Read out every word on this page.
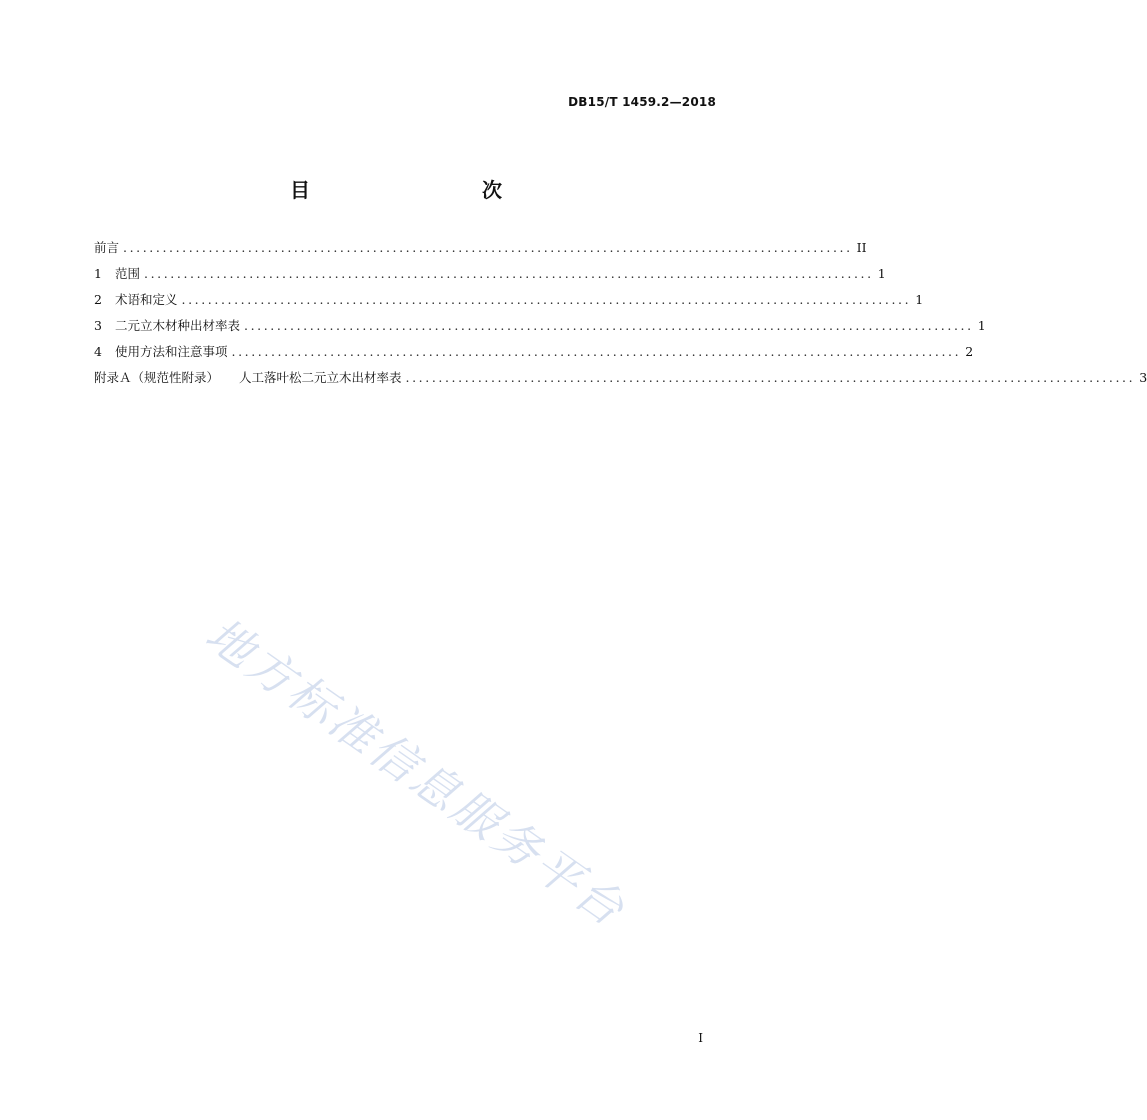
DB15/T 1459.2—2018
目　　次
前言 ............................................................................................................... II
1	范围 ............................................................................................................... 1
2	术语和定义 ............................................................................................................... 1
3	二元立木材种出材率表 ............................................................................................................... 1
4	使用方法和注意事项 ............................................................................................................... 2
附录Ａ（规范性附录） 人工落叶松二元立木出材率表 ............................................................................................................... 3
地方标准信息服务平台
I
